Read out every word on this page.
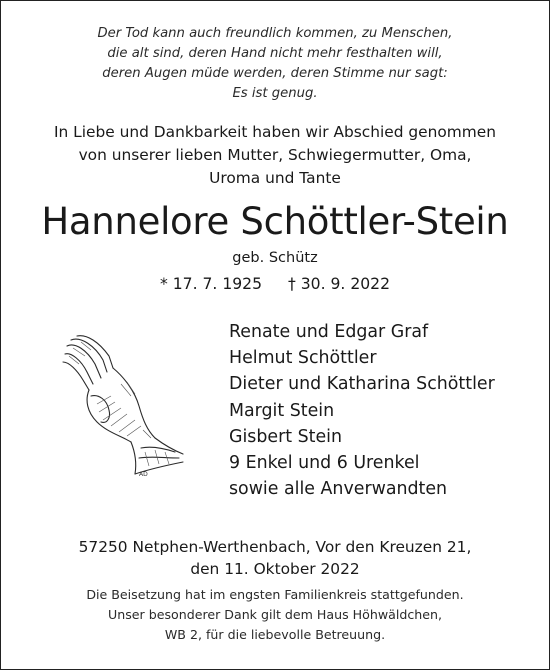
Der Tod kann auch freundlich kommen, zu Menschen,
die alt sind, deren Hand nicht mehr festhalten will,
deren Augen müde werden, deren Stimme nur sagt:
Es ist genug.
In Liebe und Dankbarkeit haben wir Abschied genommen
von unserer lieben Mutter, Schwiegermutter, Oma,
Uroma und Tante
Hannelore Schöttler-Stein
geb. Schütz
* 17. 7. 1925 † 30. 9. 2022
AD
Renate und Edgar Graf
Helmut Schöttler
Dieter und Katharina Schöttler
Margit Stein
Gisbert Stein
9 Enkel und 6 Urenkel
sowie alle Anverwandten
57250 Netphen-Werthenbach, Vor den Kreuzen 21,
den 11. Oktober 2022
Die Beisetzung hat im engsten Familienkreis stattgefunden.
Unser besonderer Dank gilt dem Haus Höhwäldchen,
WB 2, für die liebevolle Betreuung.
